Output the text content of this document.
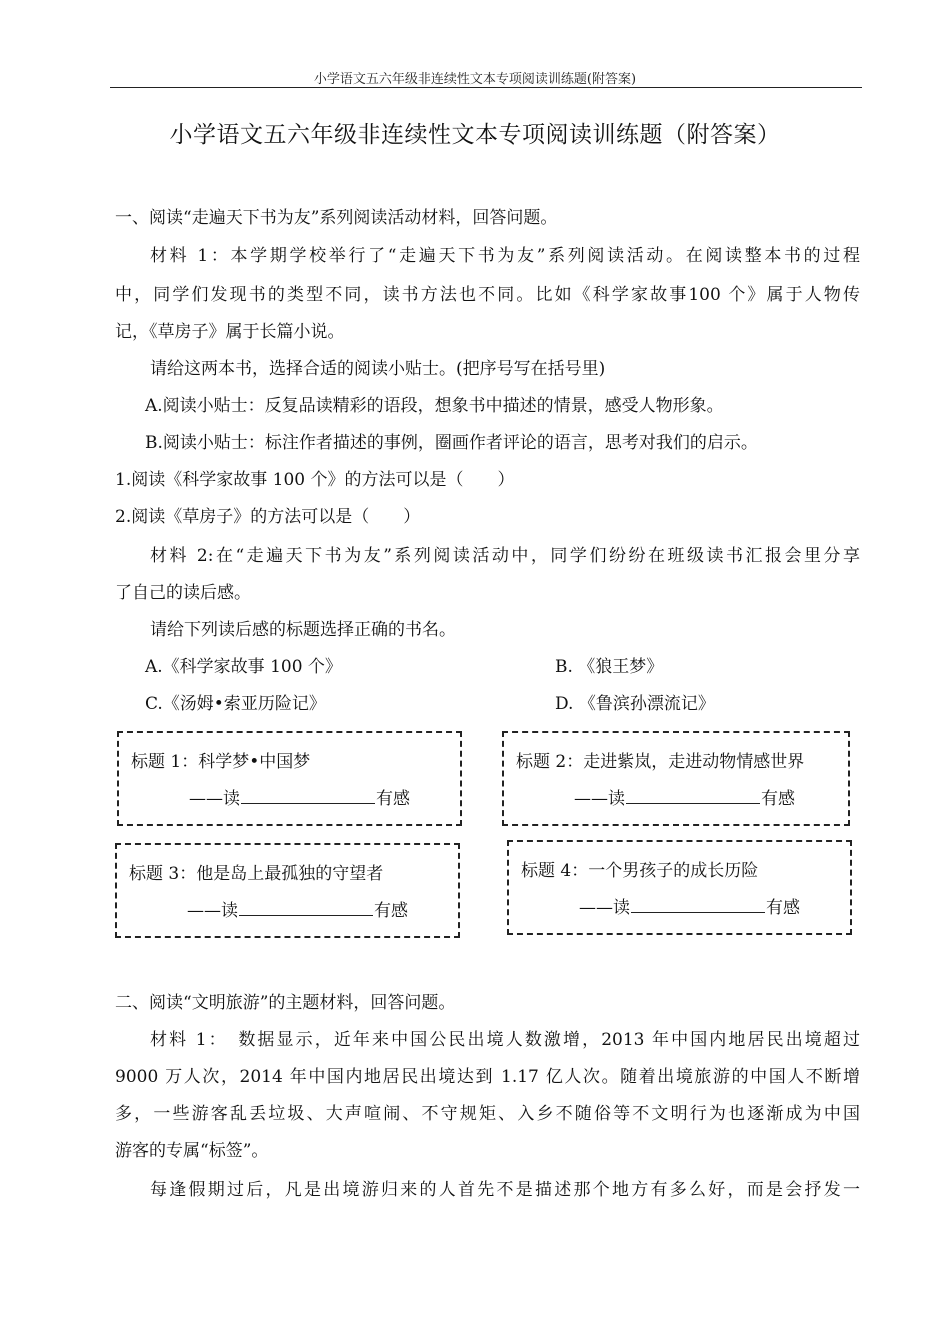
小学语文五六年级非连续性文本专项阅读训练题(附答案)
小学语文五六年级非连续性文本专项阅读训练题（附答案）
一、阅读“走遍天下书为友”系列阅读活动材料，回答问题。
材料 1：本学期学校举行了“走遍天下书为友”系列阅读活动。在阅读整本书的过程
中，同学们发现书的类型不同，读书方法也不同。比如《科学家故事100 个》属于人物传
记，《草房子》属于长篇小说。
请给这两本书，选择合适的阅读小贴士。(把序号写在括号里)
A.阅读小贴士：反复品读精彩的语段，想象书中描述的情景，感受人物形象。
B.阅读小贴士：标注作者描述的事例，圈画作者评论的语言，思考对我们的启示。
1.阅读《科学家故事 100 个》的方法可以是（　　）
2.阅读《草房子》的方法可以是（　　）
材料 2:在“走遍天下书为友”系列阅读活动中，同学们纷纷在班级读书汇报会里分享
了自己的读后感。
请给下列读后感的标题选择正确的书名。
A.《科学家故事 100 个》	B. 《狼王梦》
C.《汤姆•索亚历险记》	D. 《鲁滨孙漂流记》
标题 1：科学梦•中国梦
——读	有感
标题 2：走进紫岚，走进动物情感世界
——读	有感
标题 3：他是岛上最孤独的守望者
——读	有感
标题 4：一个男孩子的成长历险
——读	有感
二、阅读“文明旅游”的主题材料，回答问题。
材料 1：　数据显示，近年来中国公民出境人数激增，2013 年中国内地居民出境超过
9000 万人次，2014 年中国内地居民出境达到 1.17 亿人次。随着出境旅游的中国人不断增
多，一些游客乱丢垃圾、大声喧闹、不守规矩、入乡不随俗等不文明行为也逐渐成为中国
游客的专属“标签”。
每逢假期过后，凡是出境游归来的人首先不是描述那个地方有多么好，而是会抒发一
